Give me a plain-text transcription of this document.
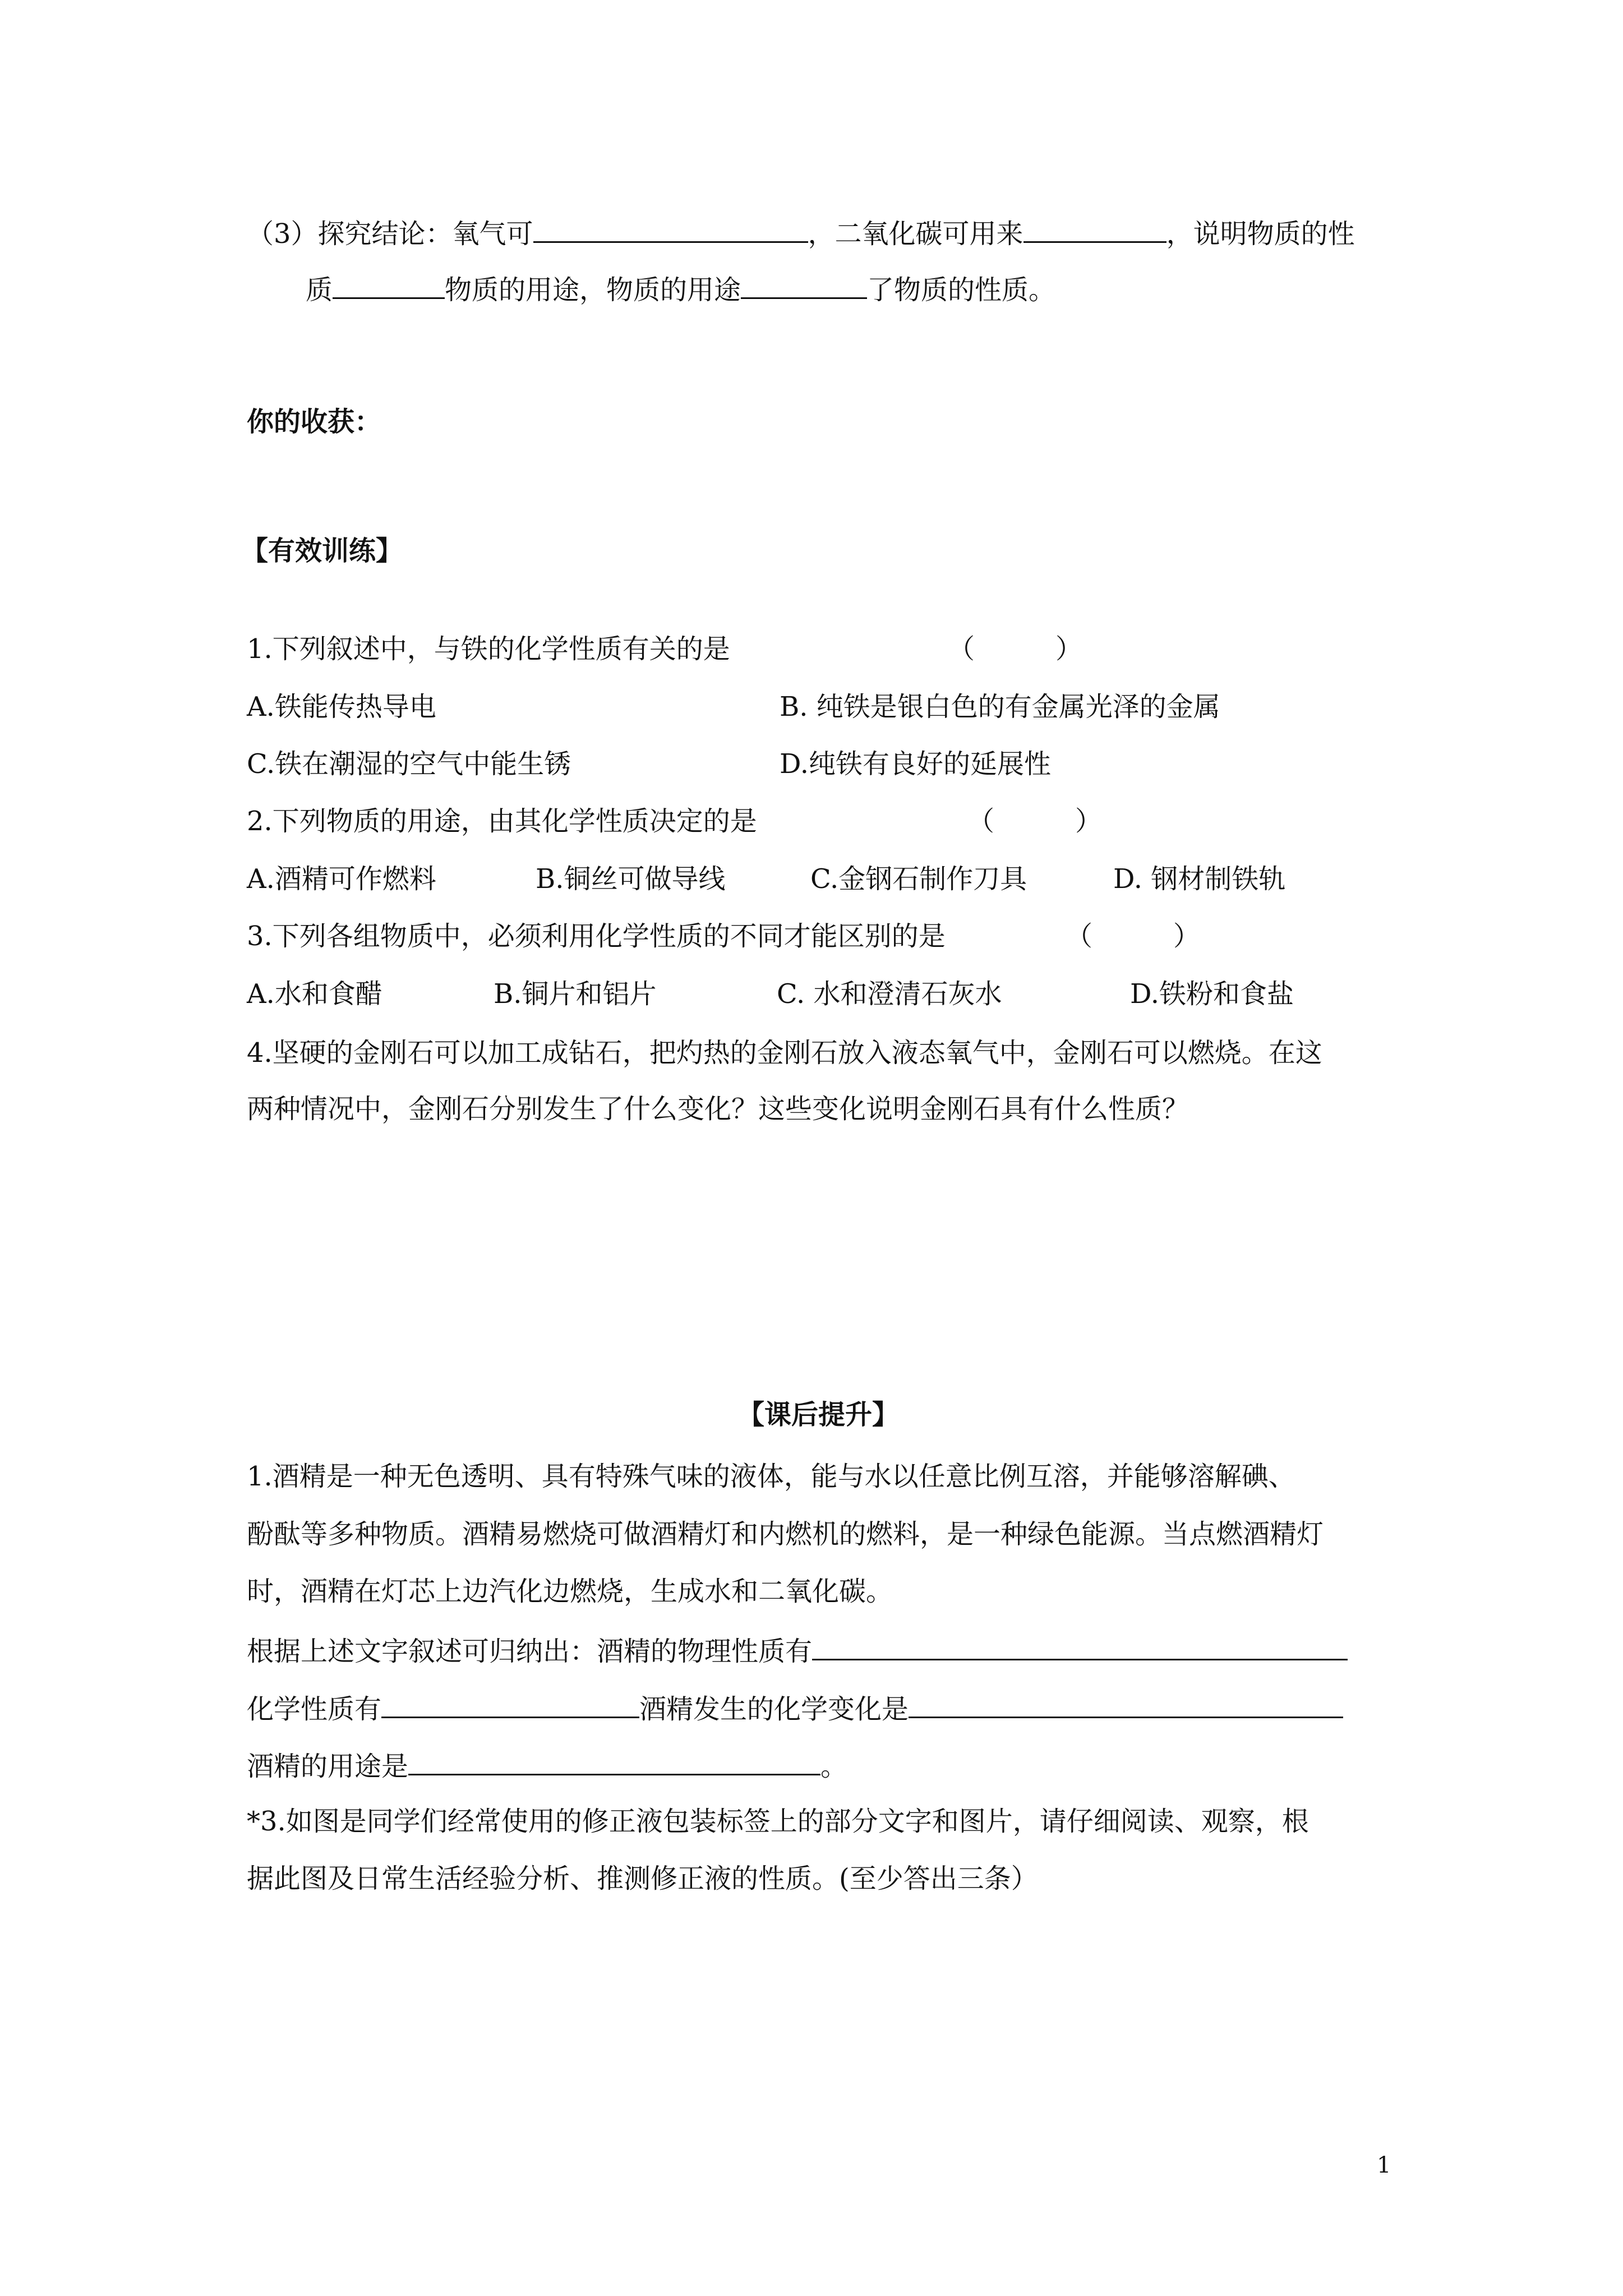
（3）探究结论：氧气可	，二氧化碳可用来	，说明物质的性
质	物质的用途，物质的用途	了物质的性质。
你的收获：
【有效训练】
1.下列叙述中，与铁的化学性质有关的是	（　　　）
A.铁能传热导电	B. 纯铁是银白色的有金属光泽的金属
C.铁在潮湿的空气中能生锈	D.纯铁有良好的延展性
2.下列物质的用途，由其化学性质决定的是	（　　　）
A.酒精可作燃料	B.铜丝可做导线	C.金钢石制作刀具	D. 钢材制铁轨
3.下列各组物质中，必须利用化学性质的不同才能区别的是	（　　　）
A.水和食醋	B.铜片和铝片	C. 水和澄清石灰水	D.铁粉和食盐
4.坚硬的金刚石可以加工成钻石，把灼热的金刚石放入液态氧气中，金刚石可以燃烧。在这
两种情况中，金刚石分别发生了什么变化？这些变化说明金刚石具有什么性质？
【课后提升】
1.酒精是一种无色透明、具有特殊气味的液体，能与水以任意比例互溶，并能够溶解碘、
酚酞等多种物质。酒精易燃烧可做酒精灯和内燃机的燃料，是一种绿色能源。当点燃酒精灯
时，酒精在灯芯上边汽化边燃烧，生成水和二氧化碳。
根据上述文字叙述可归纳出：酒精的物理性质有
化学性质有	酒精发生的化学变化是
酒精的用途是	。
*3.如图是同学们经常使用的修正液包装标签上的部分文字和图片，请仔细阅读、观察，根
据此图及日常生活经验分析、推测修正液的性质。(至少答出三条）
1
